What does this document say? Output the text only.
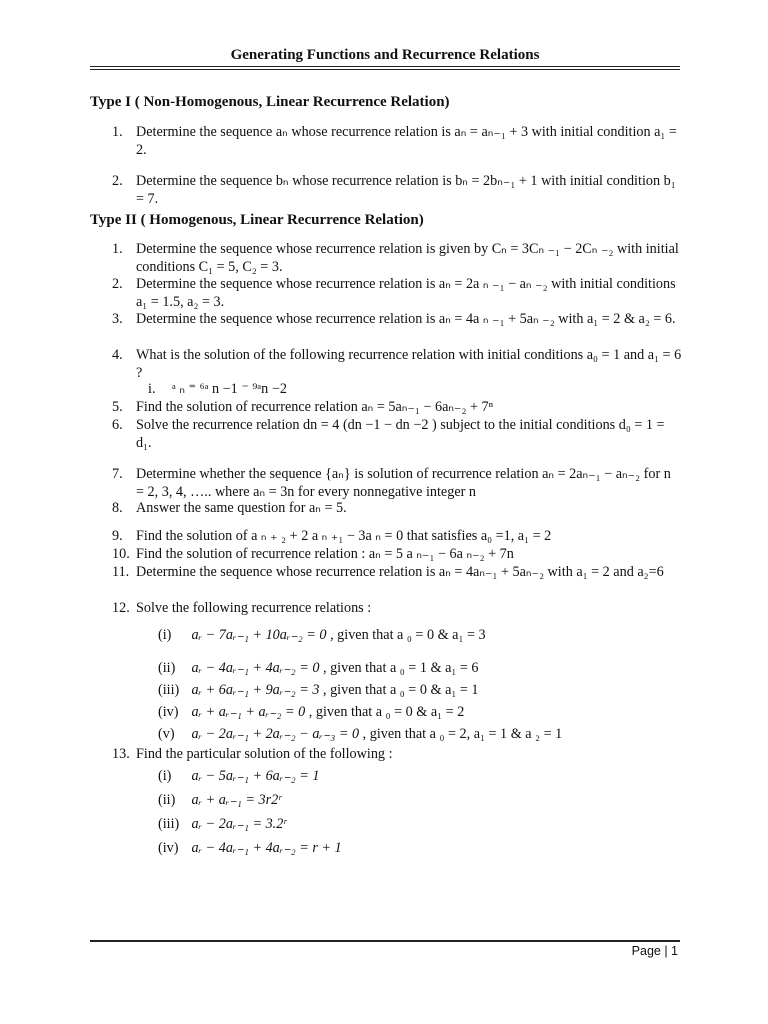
Generating Functions and Recurrence Relations
Type I ( Non-Homogenous, Linear Recurrence Relation)
1. Determine the sequence aₙ whose recurrence relation is aₙ = aₙ₋₁ + 3 with initial condition a₁ = 2.
2. Determine the sequence bₙ whose recurrence relation is bₙ = 2bₙ₋₁ + 1 with initial condition b₁ = 7.
Type II ( Homogenous, Linear Recurrence Relation)
1. Determine the sequence whose recurrence relation is given by Cₙ = 3Cₙ ₋₁ − 2Cₙ ₋₂ with initial conditions C₁ = 5, C₂ = 3.
2. Determine the sequence whose recurrence relation is aₙ = 2a ₙ ₋₁ − aₙ ₋₂ with initial conditions a₁ = 1.5, a₂ = 3.
3. Determine the sequence whose recurrence relation is aₙ = 4a ₙ ₋₁ + 5aₙ ₋₂ with a₁ = 2 & a₂ = 6.
4. What is the solution of the following recurrence relation with initial conditions a₀ = 1 and a₁ = 6 ?
i.	ᵃ ₙ ⁼ ⁶ᵃ n −1 ⁻ ⁹ᵃn −2
5. Find the solution of recurrence relation aₙ = 5aₙ₋₁ − 6aₙ₋₂ + 7ⁿ
6. Solve the recurrence relation dn = 4 (dn −1 − dn −2 ) subject to the initial conditions d₀ = 1 = d₁.
7. Determine whether the sequence {aₙ} is solution of recurrence relation aₙ = 2aₙ₋₁ − aₙ₋₂ for n = 2, 3, 4, ….. where aₙ = 3n for every nonnegative integer n
8. Answer the same question for aₙ = 5.
9. Find the solution of a ₙ ₊ ₂ + 2 a ₙ ₊₁ − 3a ₙ = 0 that satisfies a₀ =1, a₁ = 2
10. Find the solution of recurrence relation : aₙ = 5 a ₙ₋₁ − 6a ₙ₋₂ + 7n
11. Determine the sequence whose recurrence relation is aₙ = 4aₙ₋₁ + 5aₙ₋₂ with a₁ = 2 and a₂=6
12. Solve the following recurrence relations :
(i) aᵣ − 7aᵣ₋₁ + 10aᵣ₋₂ = 0 , given that a ₀ = 0 & a₁ = 3
(ii) aᵣ − 4aᵣ₋₁ + 4aᵣ₋₂ = 0 , given that a ₀ = 1 & a₁ = 6
(iii) aᵣ + 6aᵣ₋₁ + 9aᵣ₋₂ = 3 , given that a ₀ = 0 & a₁ = 1
(iv) aᵣ + aᵣ₋₁ + aᵣ₋₂ = 0 , given that a ₀ = 0 & a₁ = 2
(v) aᵣ − 2aᵣ₋₁ + 2aᵣ₋₂ − aᵣ₋₃ = 0 , given that a ₀ = 2, a₁ = 1 & a ₂ = 1
13. Find the particular solution of the following :
(i) aᵣ − 5aᵣ₋₁ + 6aᵣ₋₂ = 1
(ii) aᵣ + aᵣ₋₁ = 3r2ʳ
(iii) aᵣ − 2aᵣ₋₁ = 3.2ʳ
(iv) aᵣ − 4aᵣ₋₁ + 4aᵣ₋₂ = r + 1
Page | 1
